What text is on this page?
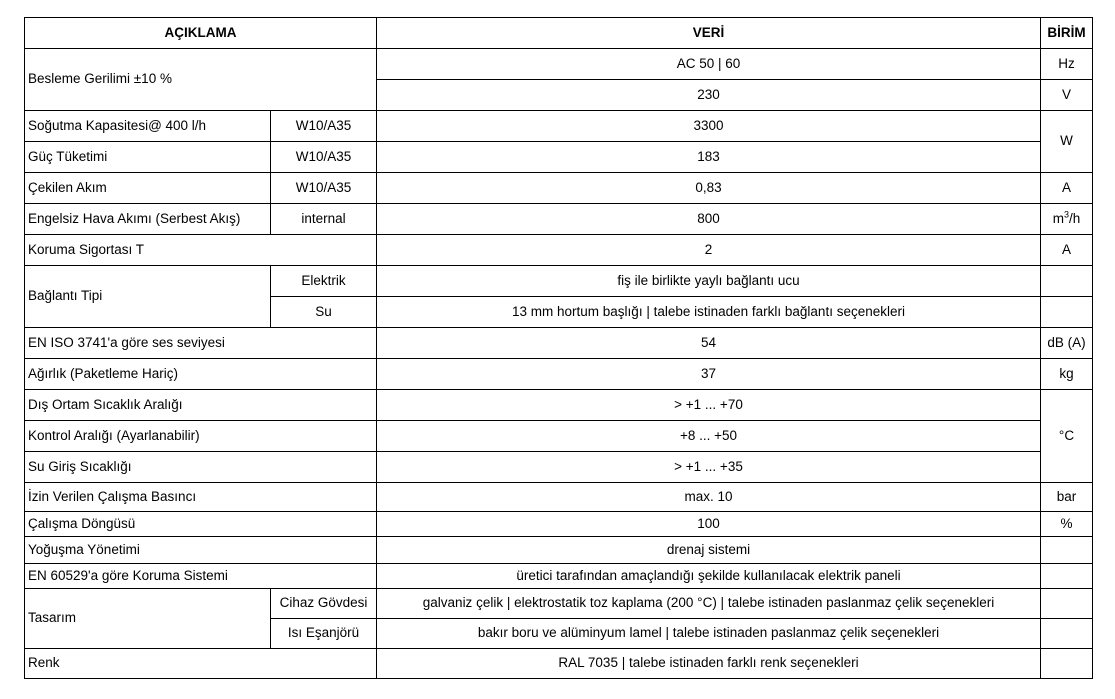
AÇIKLAMA		VERİ	BİRİM
Besleme Gerilimi ±10 %		AC 50 | 60	Hz
		230	V
Soğutma Kapasitesi@ 400 l/h	W10/A35	3300	W
Güç Tüketimi	W10/A35	183	
Çekilen Akım	W10/A35	0,83	A
Engelsiz Hava Akımı (Serbest Akış)	internal	800	$m^3/h$
Koruma Sigortası T		2	A
Bağlantı Tipi	Elektrik	fiş ile birlikte yaylı bağlantı ucu	
	Su	13 mm hortum başlığı | talebe istinaden farklı bağlantı seçenekleri	
EN ISO 3741'a göre ses seviyesi		54	dB (A)
Ağırlık (Paketleme Hariç)		37	kg
Dış Ortam Sıcaklık Aralığı		> +1 ... +70	°C
Kontrol Aralığı (Ayarlanabilir)		+8 ... +50	
Su Giriş Sıcaklığı		> +1 ... +35	
İzin Verilen Çalışma Basıncı		max. 10	bar
Çalışma Döngüsü		100	%
Yoğuşma Yönetimi		drenaj sistemi	
EN 60529'a göre Koruma Sistemi		üretici tarafından amaçlandığı şekilde kullanılacak elektrik paneli	
Tasarım	Cihaz Gövdesi	galvaniz çelik | elektrostatik toz kaplama (200 °C) | talebe istinaden paslanmaz çelik seçenekleri	
	Isı Eşanjörü	bakır boru ve alüminyum lamel | talebe istinaden paslanmaz çelik seçenekleri	
Renk		RAL 7035 | talebe istinaden farklı renk seçenekleri	
